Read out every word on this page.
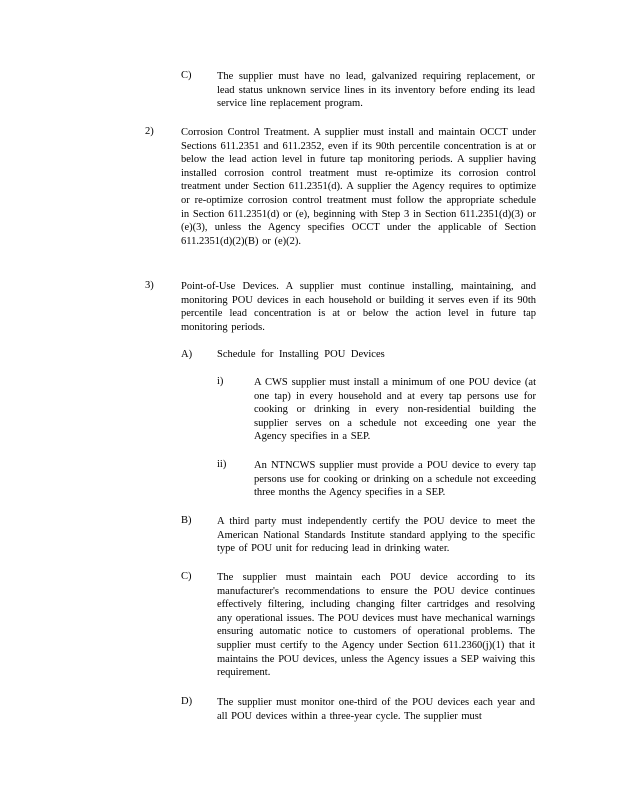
C) The supplier must have no lead, galvanized requiring replacement, or lead status unknown service lines in its inventory before ending its lead service line replacement program.
2)	Corrosion Control Treatment. A supplier must install and maintain OCCT under Sections 611.2351 and 611.2352, even if its 90th percentile concentration is at or below the lead action level in future tap monitoring periods. A supplier having installed corrosion control treatment must re-optimize its corrosion control treatment under Section 611.2351(d). A supplier the Agency requires to optimize or re-optimize corrosion control treatment must follow the appropriate schedule in Section 611.2351(d) or (e), beginning with Step 3 in Section 611.2351(d)(3) or (e)(3), unless the Agency specifies OCCT under the applicable of Section 611.2351(d)(2)(B) or (e)(2).
3)	Point-of-Use Devices. A supplier must continue installing, maintaining, and monitoring POU devices in each household or building it serves even if its 90th percentile lead concentration is at or below the action level in future tap monitoring periods.
A) Schedule for Installing POU Devices
i)	A CWS supplier must install a minimum of one POU device (at one tap) in every household and at every tap persons use for cooking or drinking in every non-residential building the supplier serves on a schedule not exceeding one year the Agency specifies in a SEP.
ii)	An NTNCWS supplier must provide a POU device to every tap persons use for cooking or drinking on a schedule not exceeding three months the Agency specifies in a SEP.
B) A third party must independently certify the POU device to meet the American National Standards Institute standard applying to the specific type of POU unit for reducing lead in drinking water.
C) The supplier must maintain each POU device according to its manufacturer's recommendations to ensure the POU device continues effectively filtering, including changing filter cartridges and resolving any operational issues. The POU devices must have mechanical warnings ensuring automatic notice to customers of operational problems. The supplier must certify to the Agency under Section 611.2360(j)(1) that it maintains the POU devices, unless the Agency issues a SEP waiving this requirement.
D) The supplier must monitor one-third of the POU devices each year and all POU devices within a three-year cycle. The supplier must
